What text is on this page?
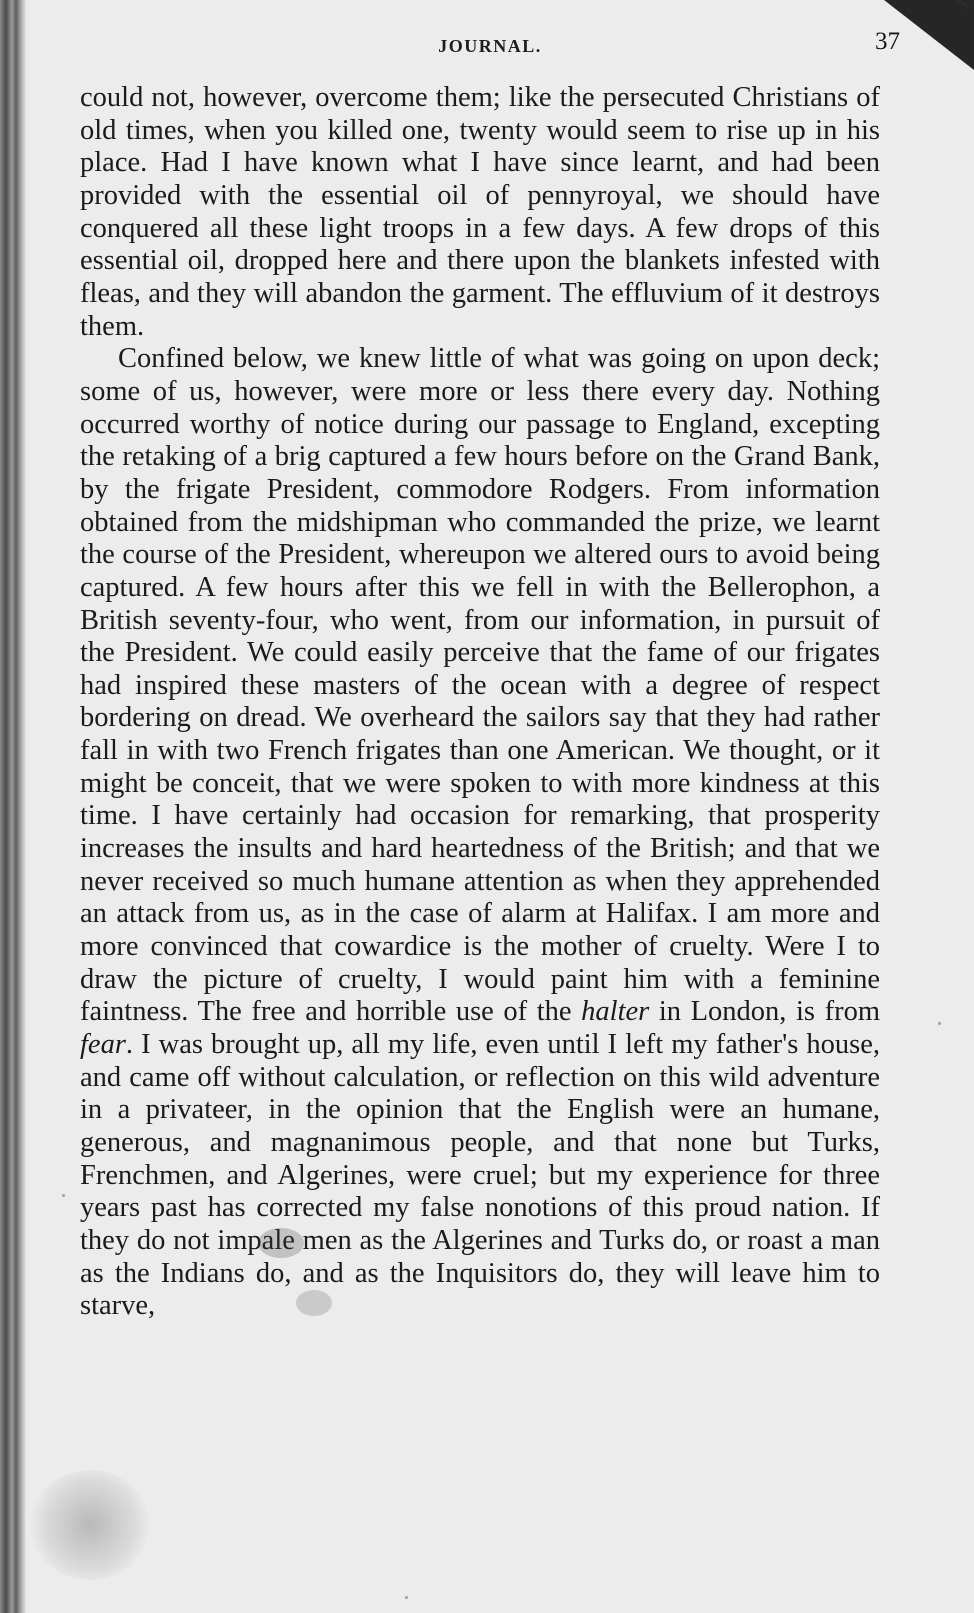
JOURNAL.	37

could not, however, overcome them; like the persecuted Christians of old times, when you killed one, twenty would seem to rise up in his place. Had I have known what I have since learnt, and had been provided with the essential oil of pennyroyal, we should have conquered all these light troops in a few days. A few drops of this essential oil, dropped here and there upon the blankets infested with fleas, and they will abandon the garment. The effluvium of it destroys them.

Confined below, we knew little of what was going on upon deck; some of us, however, were more or less there every day. Nothing occurred worthy of notice during our passage to England, excepting the retaking of a brig captured a few hours before on the Grand Bank, by the frigate President, commodore Rodgers. From information obtained from the midshipman who commanded the prize, we learnt the course of the President, whereupon we altered ours to avoid being captured. A few hours after this we fell in with the Bellerophon, a British seventy-four, who went, from our information, in pursuit of the President. We could easily perceive that the fame of our frigates had inspired these masters of the ocean with a degree of respect bordering on dread. We overheard the sailors say that they had rather fall in with two French frigates than one American. We thought, or it might be conceit, that we were spoken to with more kindness at this time. I have certainly had occasion for remarking, that prosperity increases the insults and hard heartedness of the British; and that we never received so much humane attention as when they apprehended an attack from us, as in the case of alarm at Halifax. I am more and more convinced that cowardice is the mother of cruelty. Were I to draw the picture of cruelty, I would paint him with a feminine faintness. The free and horrible use of the halter in London, is from fear. I was brought up, all my life, even until I left my father's house, and came off without calculation, or reflection on this wild adventure in a privateer, in the opinion that the English were an humane, generous, and magnanimous people, and that none but Turks, Frenchmen, and Algerines, were cruel; but my experience for three years past has corrected my false nonotions of this proud nation. If they do not impale men as the Algerines and Turks do, or roast a man as the Indians do, and as the Inquisitors do, they will leave him to starve,
